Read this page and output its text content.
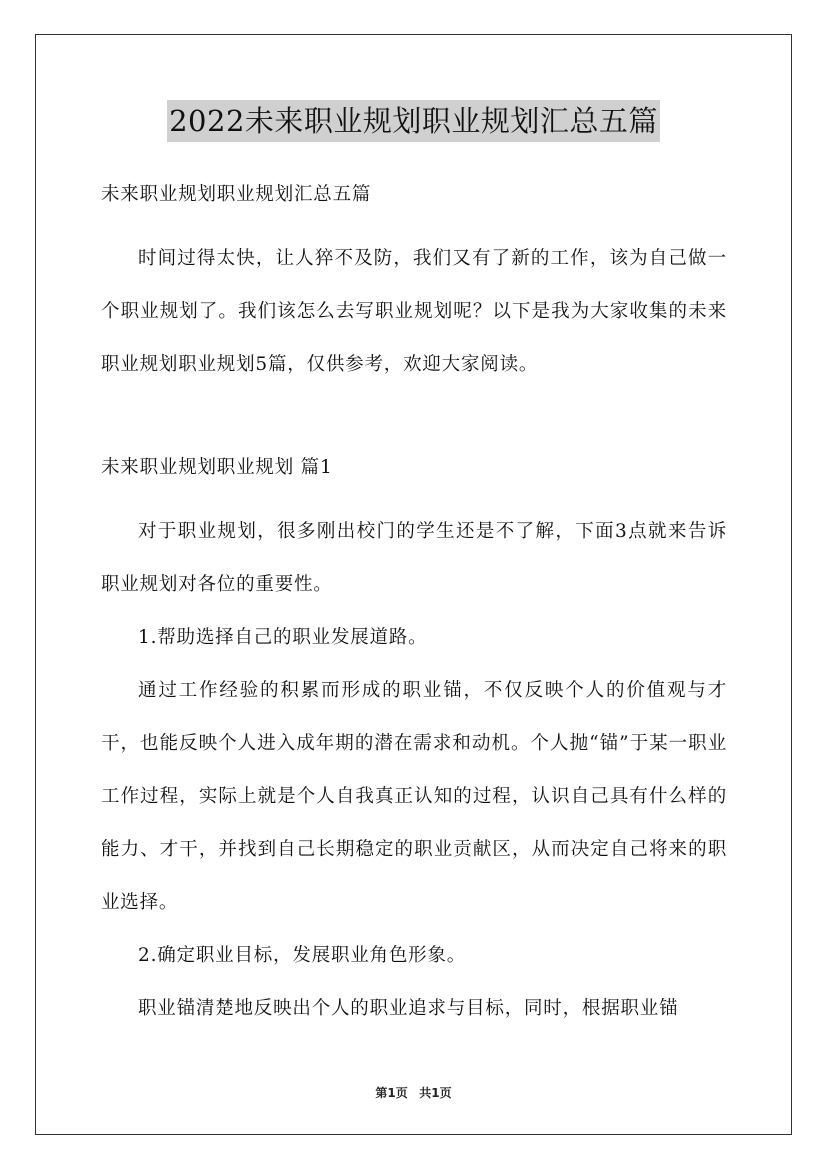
2022未来职业规划职业规划汇总五篇

未来职业规划职业规划汇总五篇

时间过得太快，让人猝不及防，我们又有了新的工作，该为自己做一个职业规划了。我们该怎么去写职业规划呢？以下是我为大家收集的未来职业规划职业规划5篇，仅供参考，欢迎大家阅读。

未来职业规划职业规划 篇1

对于职业规划，很多刚出校门的学生还是不了解，下面3点就来告诉职业规划对各位的重要性。

1.帮助选择自己的职业发展道路。

通过工作经验的积累而形成的职业锚，不仅反映个人的价值观与才干，也能反映个人进入成年期的潜在需求和动机。个人抛“锚”于某一职业工作过程，实际上就是个人自我真正认知的过程，认识自己具有什么样的能力、才干，并找到自己长期稳定的职业贡献区，从而决定自己将来的职业选择。

2.确定职业目标，发展职业角色形象。

职业锚清楚地反映出个人的职业追求与目标，同时，根据职业锚

第1页 共1页
